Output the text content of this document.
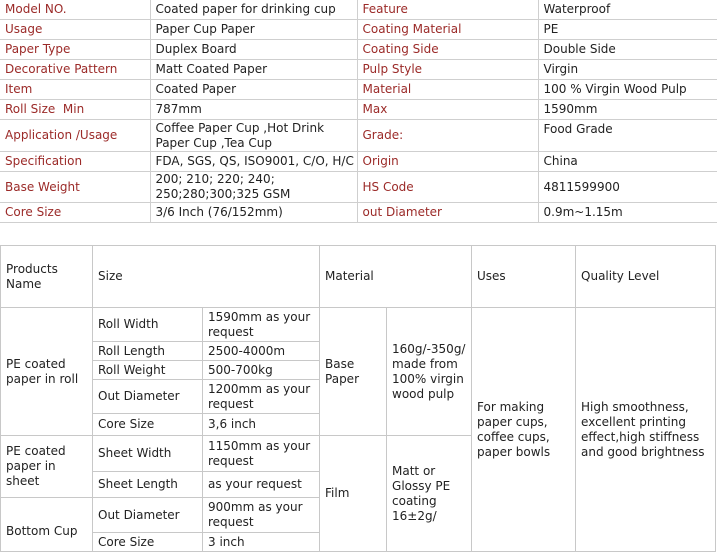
Model NO.	Coated paper for drinking cup	Feature	Waterproof
Usage	Paper Cup Paper	Coating Material	PE
Paper Type	Duplex Board	Coating Side	Double Side
Decorative Pattern	Matt Coated Paper	Pulp Style	Virgin
Item	Coated Paper	Material	100 % Virgin Wood Pulp
Roll Size  Min	787mm	Max	1590mm
Application /Usage	Coffee Paper Cup ,Hot Drink Paper Cup ,Tea Cup	Grade:	Food Grade
Specification	FDA, SGS, QS, ISO9001, C/O, H/C	Origin	China
Base Weight	200; 210; 220; 240; 250;280;300;325 GSM	HS Code	4811599900
Core Size	3/6 Inch (76/152mm)	out Diameter	0.9m~1.15m
Products Name	Size		Material		Uses	Quality Level
PE coated paper in roll	Roll Width	1590mm as your request	Base Paper	160g/-350g/ made from 100% virgin wood pulp	For making paper cups, coffee cups, paper bowls	High smoothness, excellent printing effect,high stiffness and good brightness
	Roll Length	2500-4000m				
	Roll Weight	500-700kg				
	Out Diameter	1200mm as your request				
	Core Size	3,6 inch				
PE coated paper in sheet	Sheet Width	1150mm as your request	Film	Matt or Glossy PE coating 16±2g/		
	Sheet Length	as your request				
Bottom Cup	Out Diameter	900mm as your request				
	Core Size	3 inch				
